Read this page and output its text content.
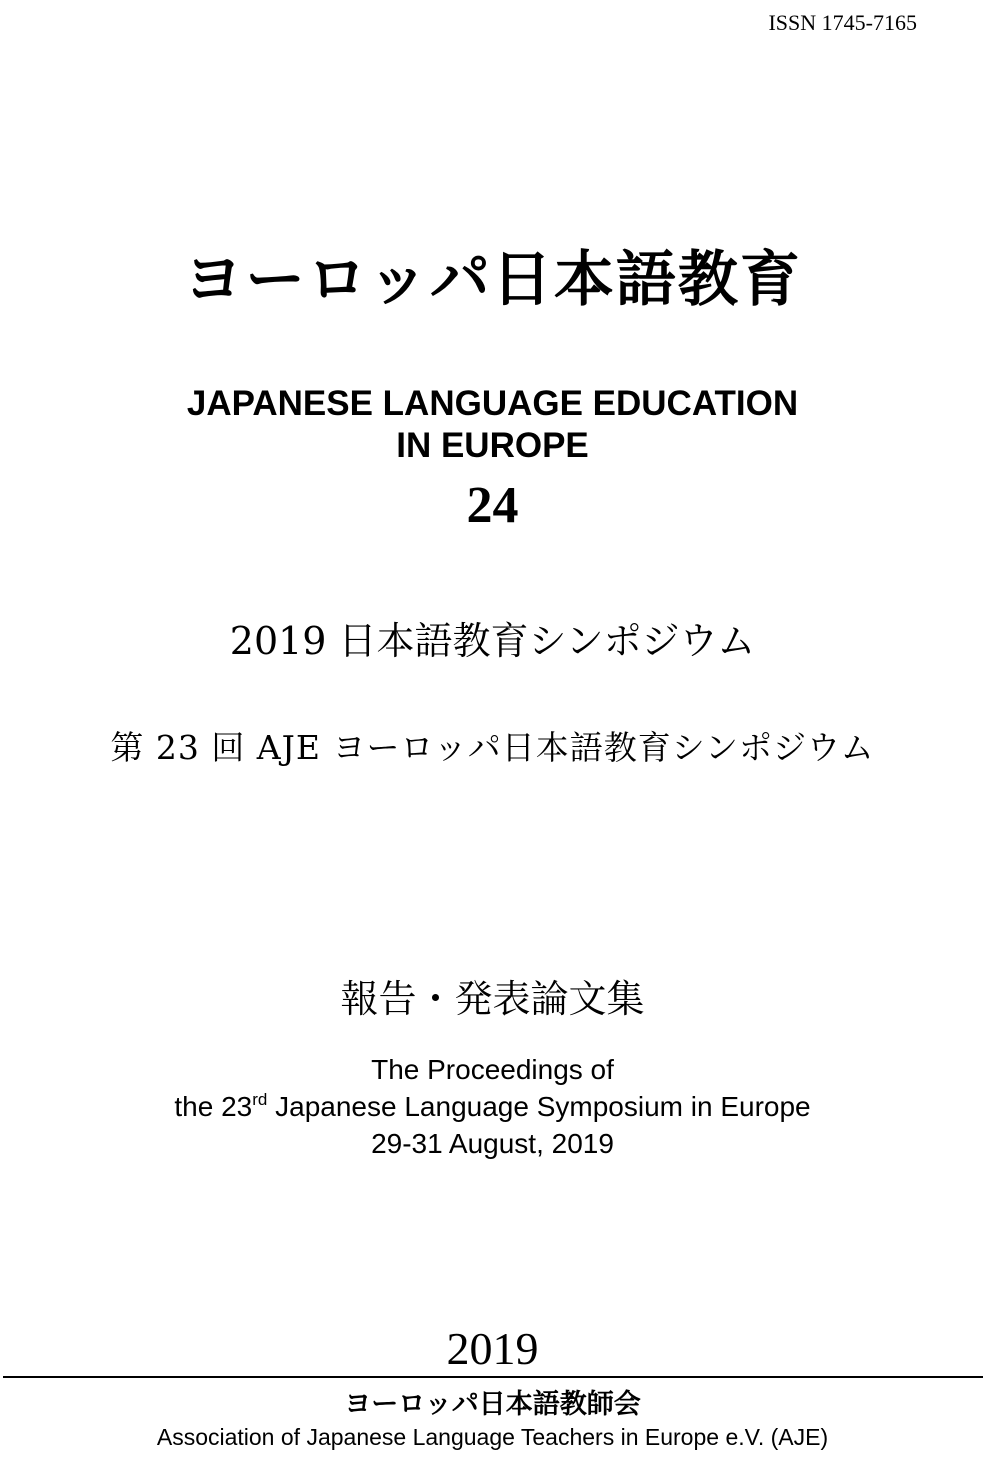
ISSN 1745-7165
ヨーロッパ日本語教育
JAPANESE LANGUAGE EDUCATION
IN EUROPE
24
2019 日本語教育シンポジウム
第 23 回 AJE ヨーロッパ日本語教育シンポジウム
報告・発表論文集
The Proceedings of
the 23rd Japanese Language Symposium in Europe
29-31 August, 2019
2019
ヨーロッパ日本語教師会
Association of Japanese Language Teachers in Europe e.V. (AJE)
